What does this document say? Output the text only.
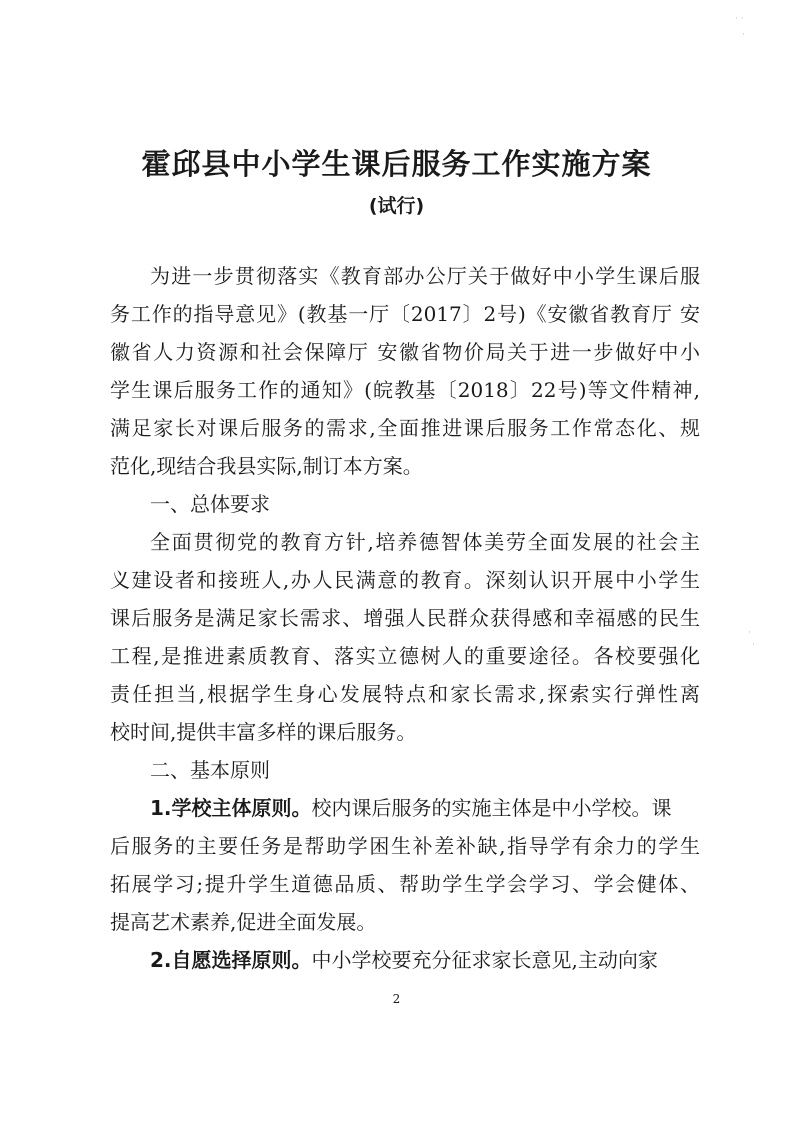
· ·
·
·
·
霍邱县中小学生课后服务工作实施方案
(试行)
为进一步贯彻落实《教育部办公厅关于做好中小学生课后服
务工作的指导意见》(教基一厅〔2017〕2号)《安徽省教育厅 安
徽省人力资源和社会保障厅 安徽省物价局关于进一步做好中小
学生课后服务工作的通知》(皖教基〔2018〕22号)等文件精神,
满足家长对课后服务的需求,全面推进课后服务工作常态化、规
范化,现结合我县实际,制订本方案。
一、总体要求
全面贯彻党的教育方针,培养德智体美劳全面发展的社会主
义建设者和接班人,办人民满意的教育。深刻认识开展中小学生
课后服务是满足家长需求、增强人民群众获得感和幸福感的民生
工程,是推进素质教育、落实立德树人的重要途径。各校要强化
责任担当,根据学生身心发展特点和家长需求,探索实行弹性离
校时间,提供丰富多样的课后服务。
二、基本原则
1.学校主体原则。校内课后服务的实施主体是中小学校。课
后服务的主要任务是帮助学困生补差补缺,指导学有余力的学生
拓展学习;提升学生道德品质、帮助学生学会学习、学会健体、
提高艺术素养,促进全面发展。
2.自愿选择原则。中小学校要充分征求家长意见,主动向家
2
